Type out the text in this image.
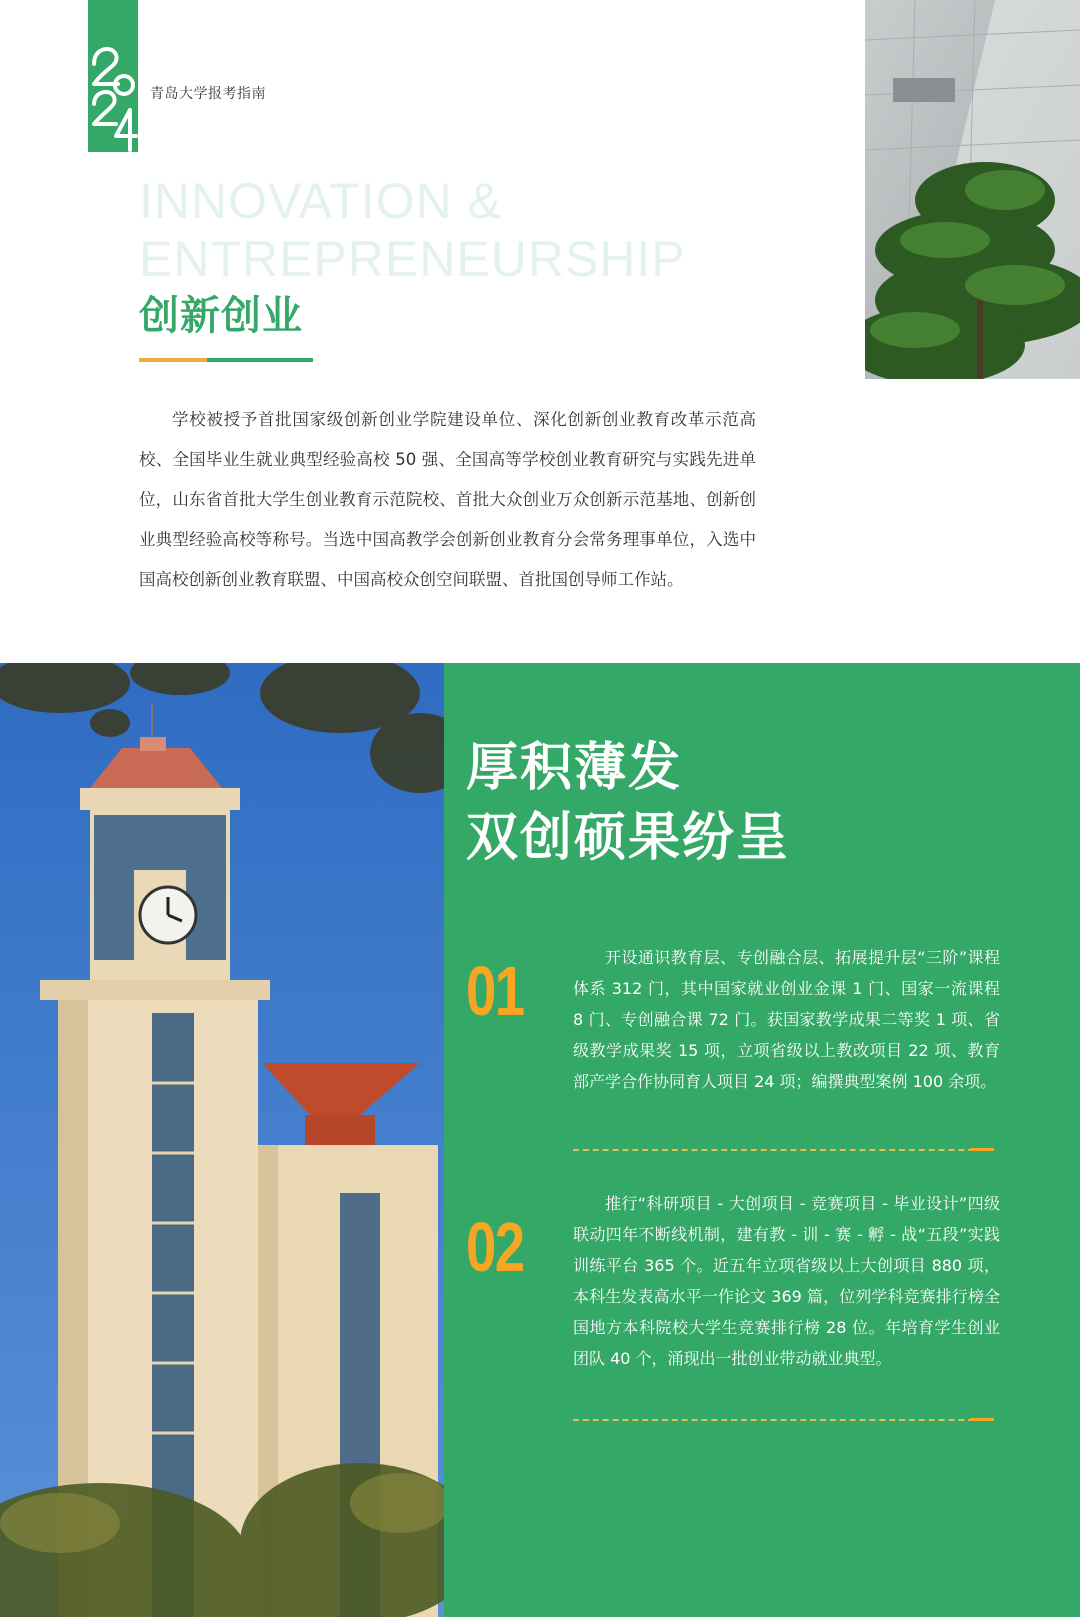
青岛大学报考指南
INNOVATION &
ENTREPRENEURSHIP
创新创业

学校被授予首批国家级创新创业学院建设单位、深化创新创业教育改革示范高校、全国毕业生就业典型经验高校 50 强、全国高等学校创业教育研究与实践先进单位，山东省首批大学生创业教育示范院校、首批大众创业万众创新示范基地、创新创业典型经验高校等称号。当选中国高教学会创新创业教育分会常务理事单位，入选中国高校创新创业教育联盟、中国高校众创空间联盟、首批国创导师工作站。

厚积薄发
双创硕果纷呈
01	开设通识教育层、专创融合层、拓展提升层“三阶”课程体系 312 门，其中国家就业创业金课 1 门、国家一流课程 8 门、专创融合课 72 门。获国家教学成果二等奖 1 项、省级教学成果奖 15 项，立项省级以上教改项目 22 项、教育部产学合作协同育人项目 24 项；编撰典型案例 100 余项。

02

推行“科研项目 - 大创项目 - 竞赛项目 - 毕业设计”四级联动四年不断线机制，建有教 - 训 - 赛 - 孵 - 战“五段”实践训练平台 365 个。近五年立项省级以上大创项目 880 项，本科生发表高水平一作论文 369 篇，位列学科竞赛排行榜全国地方本科院校大学生竞赛排行榜 28 位。年培育学生创业团队 40 个，涌现出一批创业带动就业典型。
